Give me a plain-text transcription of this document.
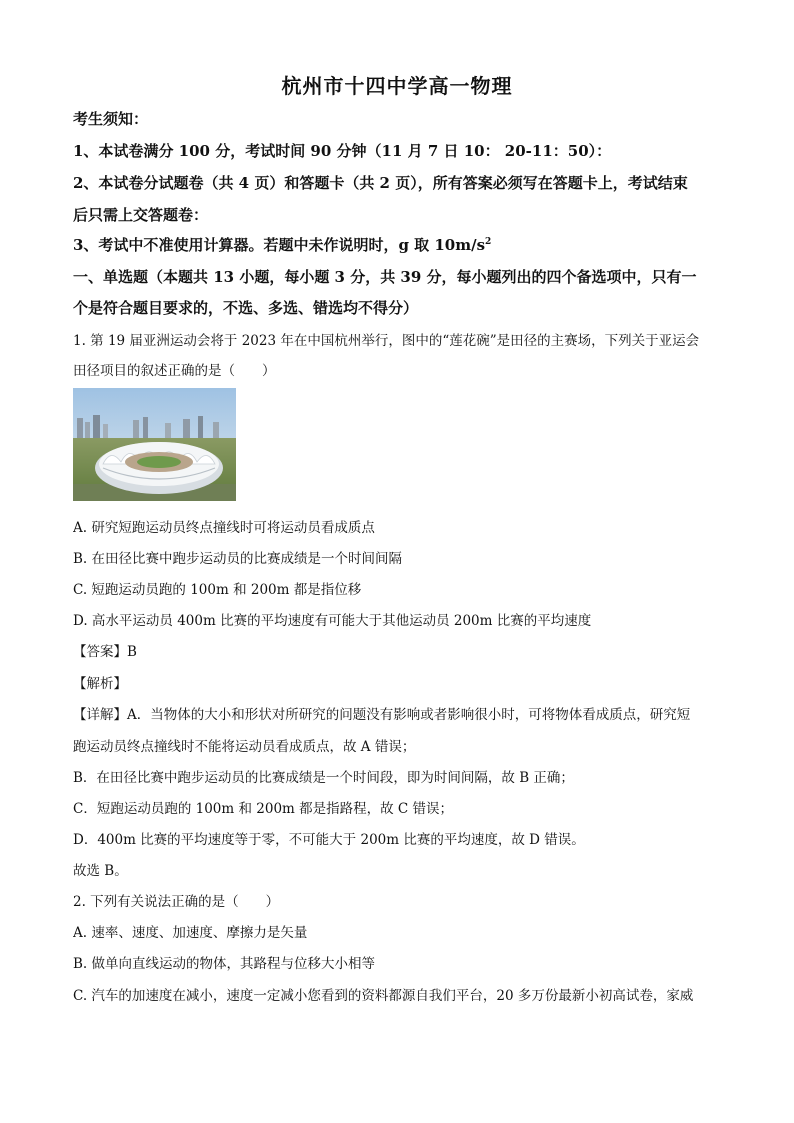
杭州市十四中学高一物理
考生须知：
1、本试卷满分 100 分，考试时间 90 分钟（11 月 7 日 10： 20-11：50）：
2、本试卷分试题卷（共 4 页）和答题卡（共 2 页），所有答案必须写在答题卡上，考试结束
后只需上交答题卷：
3、考试中不准使用计算器。若题中未作说明时，g 取 $10m/s^2$
一、单选题（本题共 13 小题，每小题 3 分，共 39 分，每小题列出的四个备选项中，只有一
个是符合题目要求的，不选、多选、错选均不得分）
1. 第 19 届亚洲运动会将于 2023 年在中国杭州举行，图中的“莲花碗”是田径的主赛场，下列关于亚运会
田径项目的叙述正确的是（　　）
A. 研究短跑运动员终点撞线时可将运动员看成质点
B. 在田径比赛中跑步运动员的比赛成绩是一个时间间隔
C. 短跑运动员跑的 100m 和 200m 都是指位移
D. 高水平运动员 400m 比赛的平均速度有可能大于其他运动员 200m 比赛的平均速度
【答案】B
【解析】
【详解】A．当物体的大小和形状对所研究的问题没有影响或者影响很小时，可将物体看成质点，研究短
跑运动员终点撞线时不能将运动员看成质点，故 A 错误；
B．在田径比赛中跑步运动员的比赛成绩是一个时间段，即为时间间隔，故 B 正确；
C．短跑运动员跑的 100m 和 200m 都是指路程，故 C 错误；
D．400m 比赛的平均速度等于零，不可能大于 200m 比赛的平均速度，故 D 错误。
故选 B。
2. 下列有关说法正确的是（　　）
A. 速率、速度、加速度、摩擦力是矢量
B. 做单向直线运动的物体，其路程与位移大小相等
C. 汽车的加速度在减小，速度一定减小您看到的资料都源自我们平台，20 多万份最新小初高试卷，家威
